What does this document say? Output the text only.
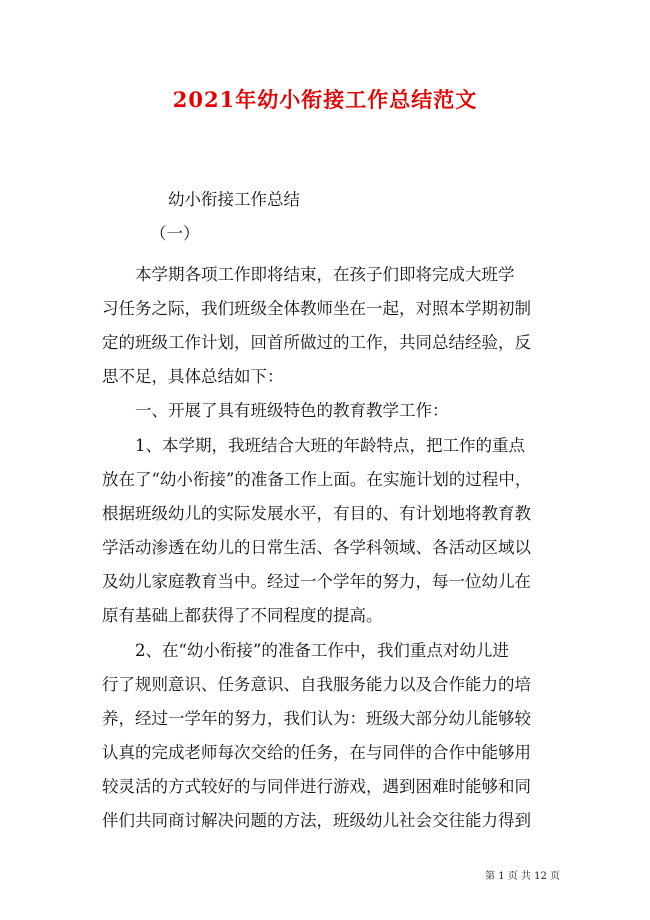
2021年幼小衔接工作总结范文
幼小衔接工作总结
（一）
本学期各项工作即将结束，在孩子们即将完成大班学
习任务之际，我们班级全体教师坐在一起，对照本学期初制
定的班级工作计划，回首所做过的工作，共同总结经验，反
思不足，具体总结如下：
一、开展了具有班级特色的教育教学工作：
1、本学期，我班结合大班的年龄特点，把工作的重点
放在了“幼小衔接”的准备工作上面。在实施计划的过程中，
根据班级幼儿的实际发展水平，有目的、有计划地将教育教
学活动渗透在幼儿的日常生活、各学科领域、各活动区域以
及幼儿家庭教育当中。经过一个学年的努力，每一位幼儿在
原有基础上都获得了不同程度的提高。
2、在“幼小衔接”的准备工作中，我们重点对幼儿进
行了规则意识、任务意识、自我服务能力以及合作能力的培
养，经过一学年的努力，我们认为：班级大部分幼儿能够较
认真的完成老师每次交给的任务，在与同伴的合作中能够用
较灵活的方式较好的与同伴进行游戏，遇到困难时能够和同
伴们共同商讨解决问题的方法，班级幼儿社会交往能力得到
第 1 页 共 12 页
